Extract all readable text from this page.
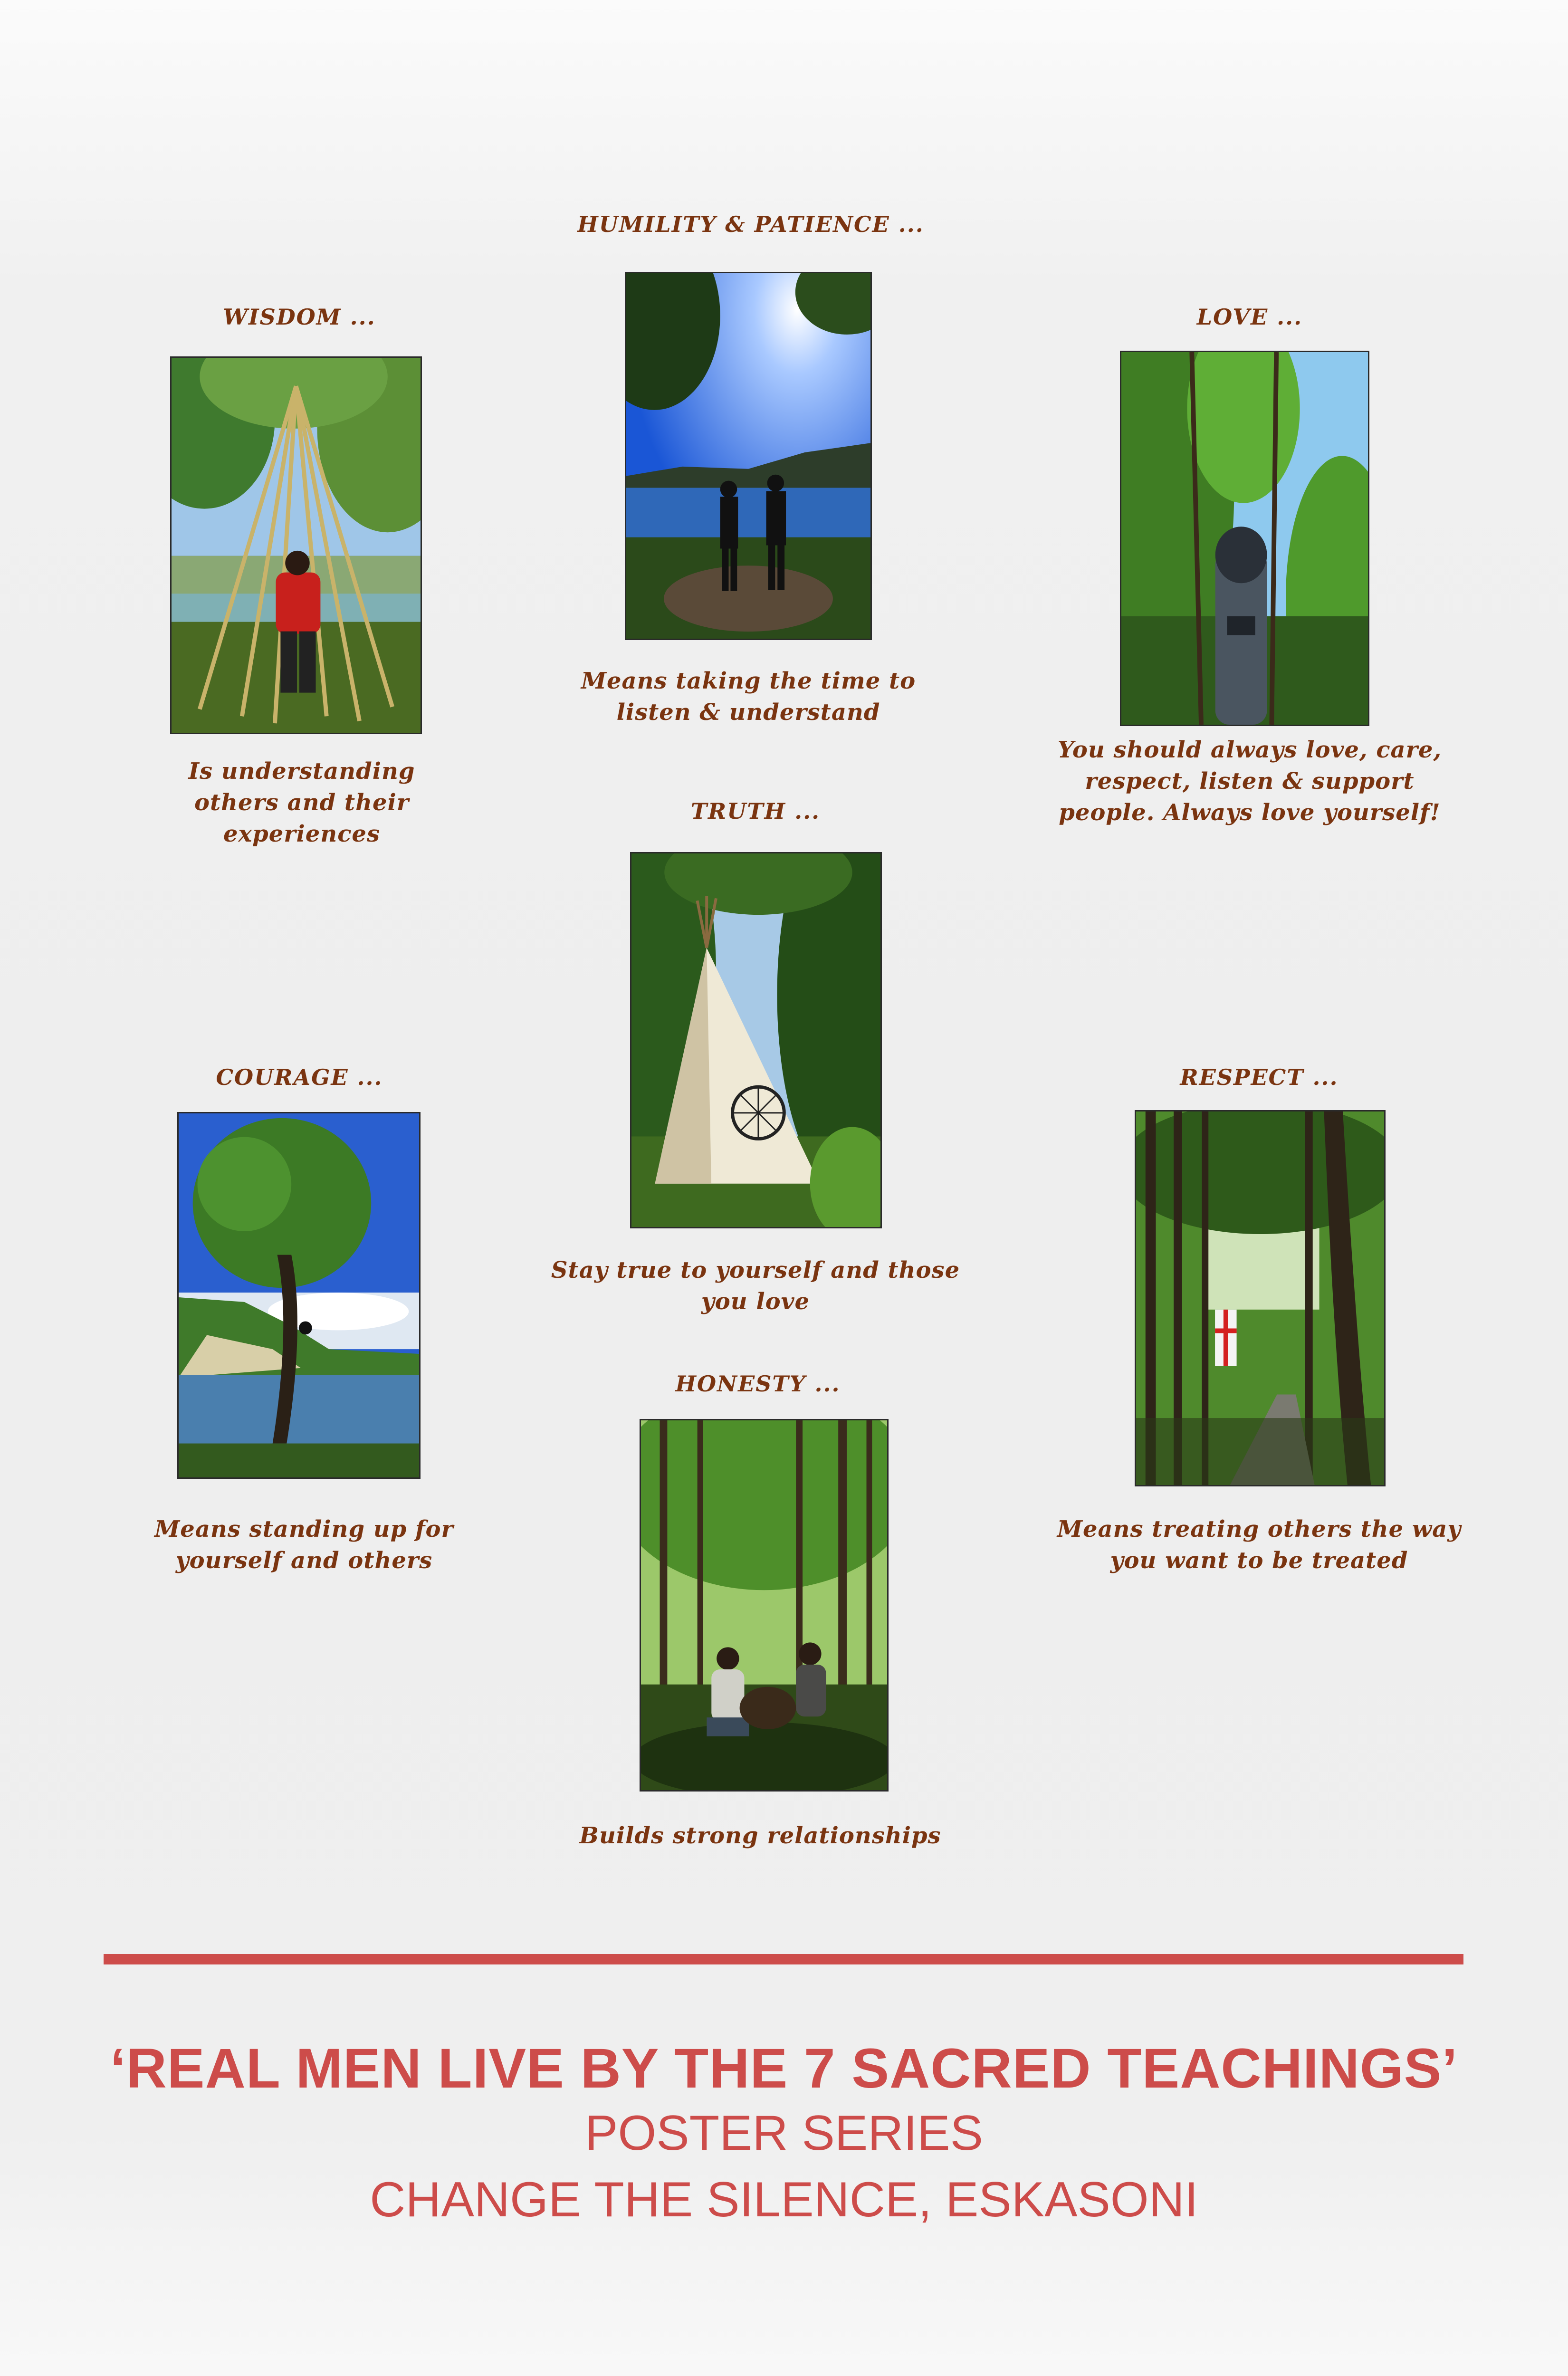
WISDOM ...
Is understanding others and their experiences
HUMILITY & PATIENCE ...
Means taking the time to listen & understand
LOVE ...
You should always love, care, respect, listen & support people. Always love yourself!
TRUTH ...
Stay true to yourself and those you love
COURAGE ...
Means standing up for yourself and others
RESPECT ...
Means treating others the way you want to be treated
HONESTY ...
Builds strong relationships
‘REAL MEN LIVE BY THE 7 SACRED TEACHINGS’
POSTER SERIES
CHANGE THE SILENCE, ESKASONI
